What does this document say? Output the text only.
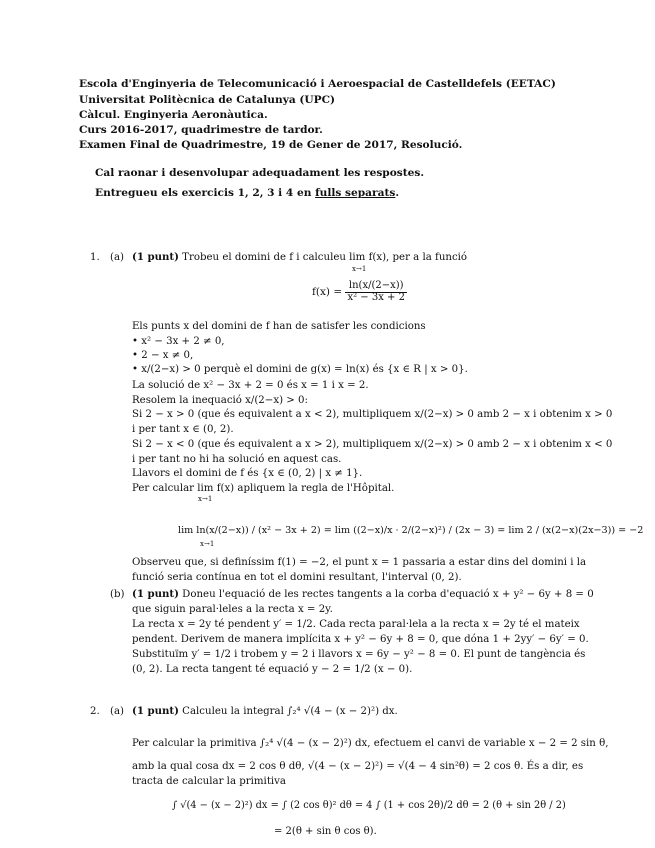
Escola d'Enginyeria de Telecomunicació i Aeroespacial de Castelldefels (EETAC)
Universitat Politècnica de Catalunya (UPC)
Càlcul. Enginyeria Aeronàutica.
Curs 2016-2017, quadrimestre de tardor.
Examen Final de Quadrimestre, 19 de Gener de 2017, Resolució.
Cal raonar i desenvolupar adequadament les respostes.
Entregueu els exercicis 1, 2, 3 i 4 en fulls separats.
1. (a) (1 punt) Trobeu el domini de f i calculeu lim f(x), per a la funció
x→1
$f(x) = \frac{\ln(x/(2-x))}{\text{x² − 3x + 2}}$
Els punts x del domini de f han de satisfer les condicions
• x² − 3x + 2 ≠ 0,
• 2 − x ≠ 0,
• x/(2−x) > 0 perquè el domini de g(x) = ln(x) és {x ∈ R | x > 0}.
La solució de x² − 3x + 2 = 0 és x = 1 i x = 2.
Resolem la inequació x/(2−x) > 0:
Si 2 − x > 0 (que és equivalent a x < 2), multipliquem x/(2−x) > 0 amb 2 − x i obtenim x > 0
i per tant x ∈ (0, 2).
Si 2 − x < 0 (que és equivalent a x > 2), multipliquem x/(2−x) > 0 amb 2 − x i obtenim x < 0
i per tant no hi ha solució en aquest cas.
Llavors el domini de f és {x ∈ (0, 2) | x ≠ 1}.
Per calcular lim f(x) apliquem la regla de l'Hôpital.
x→1
lim ln(x/(2−x)) / (x² − 3x + 2) = lim ((2−x)/x · 2/(2−x)²) / (2x − 3) = lim 2 / (x(2−x)(2x−3)) = −2
x→1
Observeu que, si definíssim f(1) = −2, el punt x = 1 passaria a estar dins del domini i la
funció seria contínua en tot el domini resultant, l'interval (0, 2).
(b) (1 punt) Doneu l'equació de les rectes tangents a la corba d'equació x + y² − 6y + 8 = 0
que siguin paral·leles a la recta x = 2y.
La recta x = 2y té pendent y′ = 1/2. Cada recta paral·lela a la recta x = 2y té el mateix
pendent. Derivem de manera implícita x + y² − 6y + 8 = 0, que dóna 1 + 2yy′ − 6y′ = 0.
Substituïm y′ = 1/2 i trobem y = 2 i llavors x = 6y − y² − 8 = 0. El punt de tangència és
(0, 2). La recta tangent té equació y − 2 = 1/2 (x − 0).
2. (a) (1 punt) Calculeu la integral ∫₂⁴ √(4 − (x − 2)²) dx.
Per calcular la primitiva ∫₂⁴ √(4 − (x − 2)²) dx, efectuem el canvi de variable x − 2 = 2 sin θ,
amb la qual cosa dx = 2 cos θ dθ, √(4 − (x − 2)²) = √(4 − 4 sin²θ) = 2 cos θ. És a dir, es
tracta de calcular la primitiva
∫ √(4 − (x − 2)²) dx = ∫ (2 cos θ)² dθ = 4 ∫ (1 + cos 2θ)/2 dθ = 2 (θ + sin 2θ / 2)
= 2(θ + sin θ cos θ).
